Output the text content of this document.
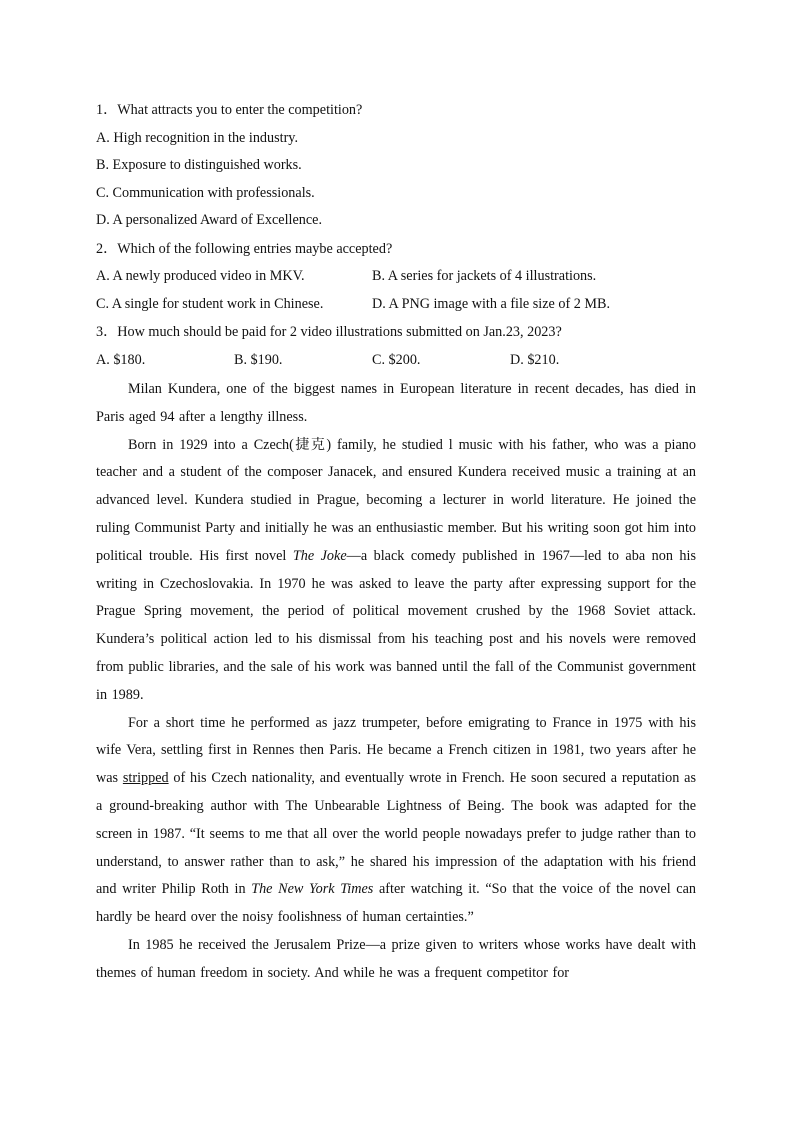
1．What attracts you to enter the competition?
A. High recognition in the industry.
B. Exposure to distinguished works.
C. Communication with professionals.
D. A personalized Award of Excellence.
2．Which of the following entries maybe accepted?
A. A newly produced video in MKV.	B. A series for jackets of 4 illustrations.
C. A single for student work in Chinese.	D. A PNG image with a file size of 2 MB.
3．How much should be paid for 2 video illustrations submitted on Jan.23, 2023?
A. $180.	B. $190.	C. $200.	D. $210.

Milan Kundera, one of the biggest names in European literature in recent decades, has died in Paris aged 94 after a lengthy illness.

Born in 1929 into a Czech(捷克) family, he studied l music with his father, who was a piano teacher and a student of the composer Janacek, and ensured Kundera received music a training at an advanced level. Kundera studied in Prague, becoming a lecturer in world literature. He joined the ruling Communist Party and initially he was an enthusiastic member. But his writing soon got him into political trouble. His first novel The Joke—a black comedy published in 1967—led to aba non his writing in Czechoslovakia. In 1970 he was asked to leave the party after expressing support for the Prague Spring movement, the period of political movement crushed by the 1968 Soviet attack. Kundera’s political action led to his dismissal from his teaching post and his novels were removed from public libraries, and the sale of his work was banned until the fall of the Communist government in 1989.

For a short time he performed as jazz trumpeter, before emigrating to France in 1975 with his wife Vera, settling first in Rennes then Paris. He became a French citizen in 1981, two years after he was stripped of his Czech nationality, and eventually wrote in French. He soon secured a reputation as a ground-breaking author with The Unbearable Lightness of Being. The book was adapted for the screen in 1987. “It seems to me that all over the world people nowadays prefer to judge rather than to understand, to answer rather than to ask,” he shared his impression of the adaptation with his friend and writer Philip Roth in The New York Times after watching it. “So that the voice of the novel can hardly be heard over the noisy foolishness of human certainties.”

In 1985 he received the Jerusalem Prize—a prize given to writers whose works have dealt with themes of human freedom in society. And while he was a frequent competitor for
